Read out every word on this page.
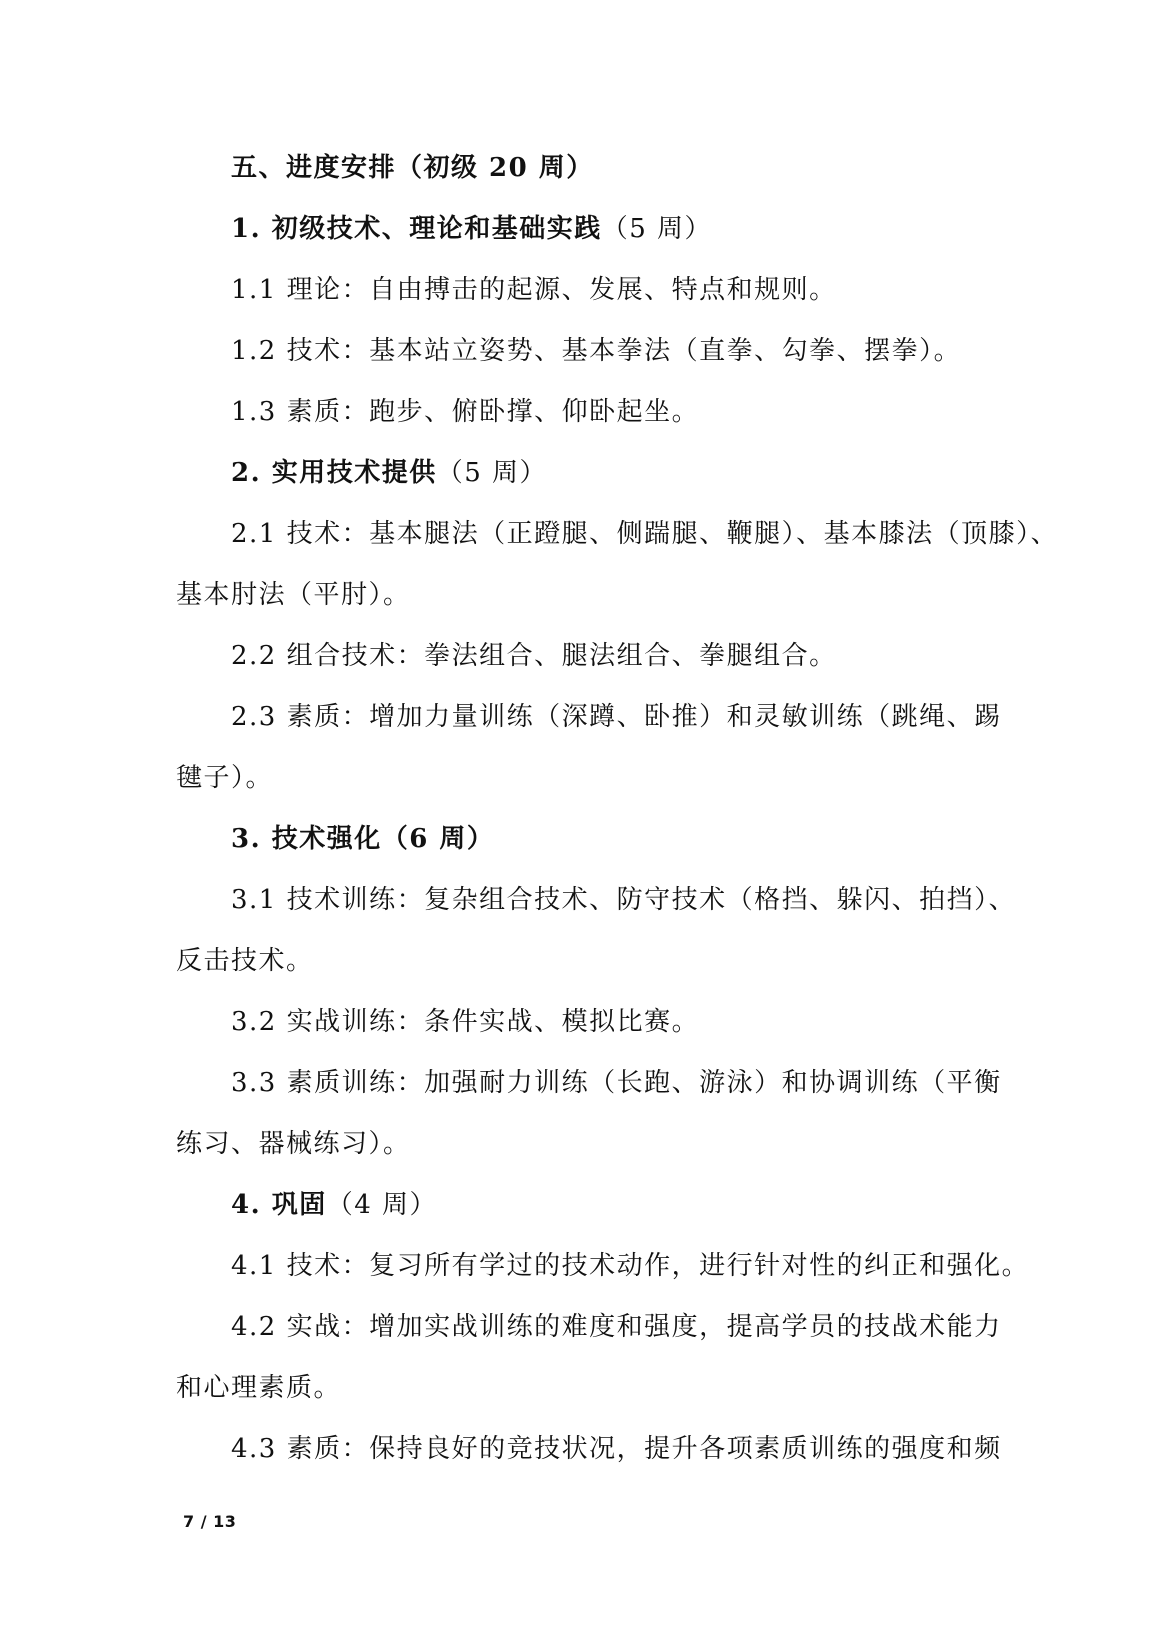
五、进度安排（初级 20 周）
1. 初级技术、理论和基础实践（5 周）
1.1 理论：自由搏击的起源、发展、特点和规则。
1.2 技术：基本站立姿势、基本拳法（直拳、勾拳、摆拳）。
1.3 素质：跑步、俯卧撑、仰卧起坐。
2. 实用技术提供（5 周）
2.1 技术：基本腿法（正蹬腿、侧踹腿、鞭腿）、基本膝法（顶膝）、
基本肘法（平肘）。
2.2 组合技术：拳法组合、腿法组合、拳腿组合。
2.3 素质：增加力量训练（深蹲、卧推）和灵敏训练（跳绳、踢
毽子）。
3. 技术强化（6 周）
3.1 技术训练：复杂组合技术、防守技术（格挡、躲闪、拍挡）、
反击技术。
3.2 实战训练：条件实战、模拟比赛。
3.3 素质训练：加强耐力训练（长跑、游泳）和协调训练（平衡
练习、器械练习）。
4. 巩固（4 周）
4.1 技术：复习所有学过的技术动作，进行针对性的纠正和强化。
4.2 实战：增加实战训练的难度和强度，提高学员的技战术能力
和心理素质。
4.3 素质：保持良好的竞技状况，提升各项素质训练的强度和频
7 / 13
